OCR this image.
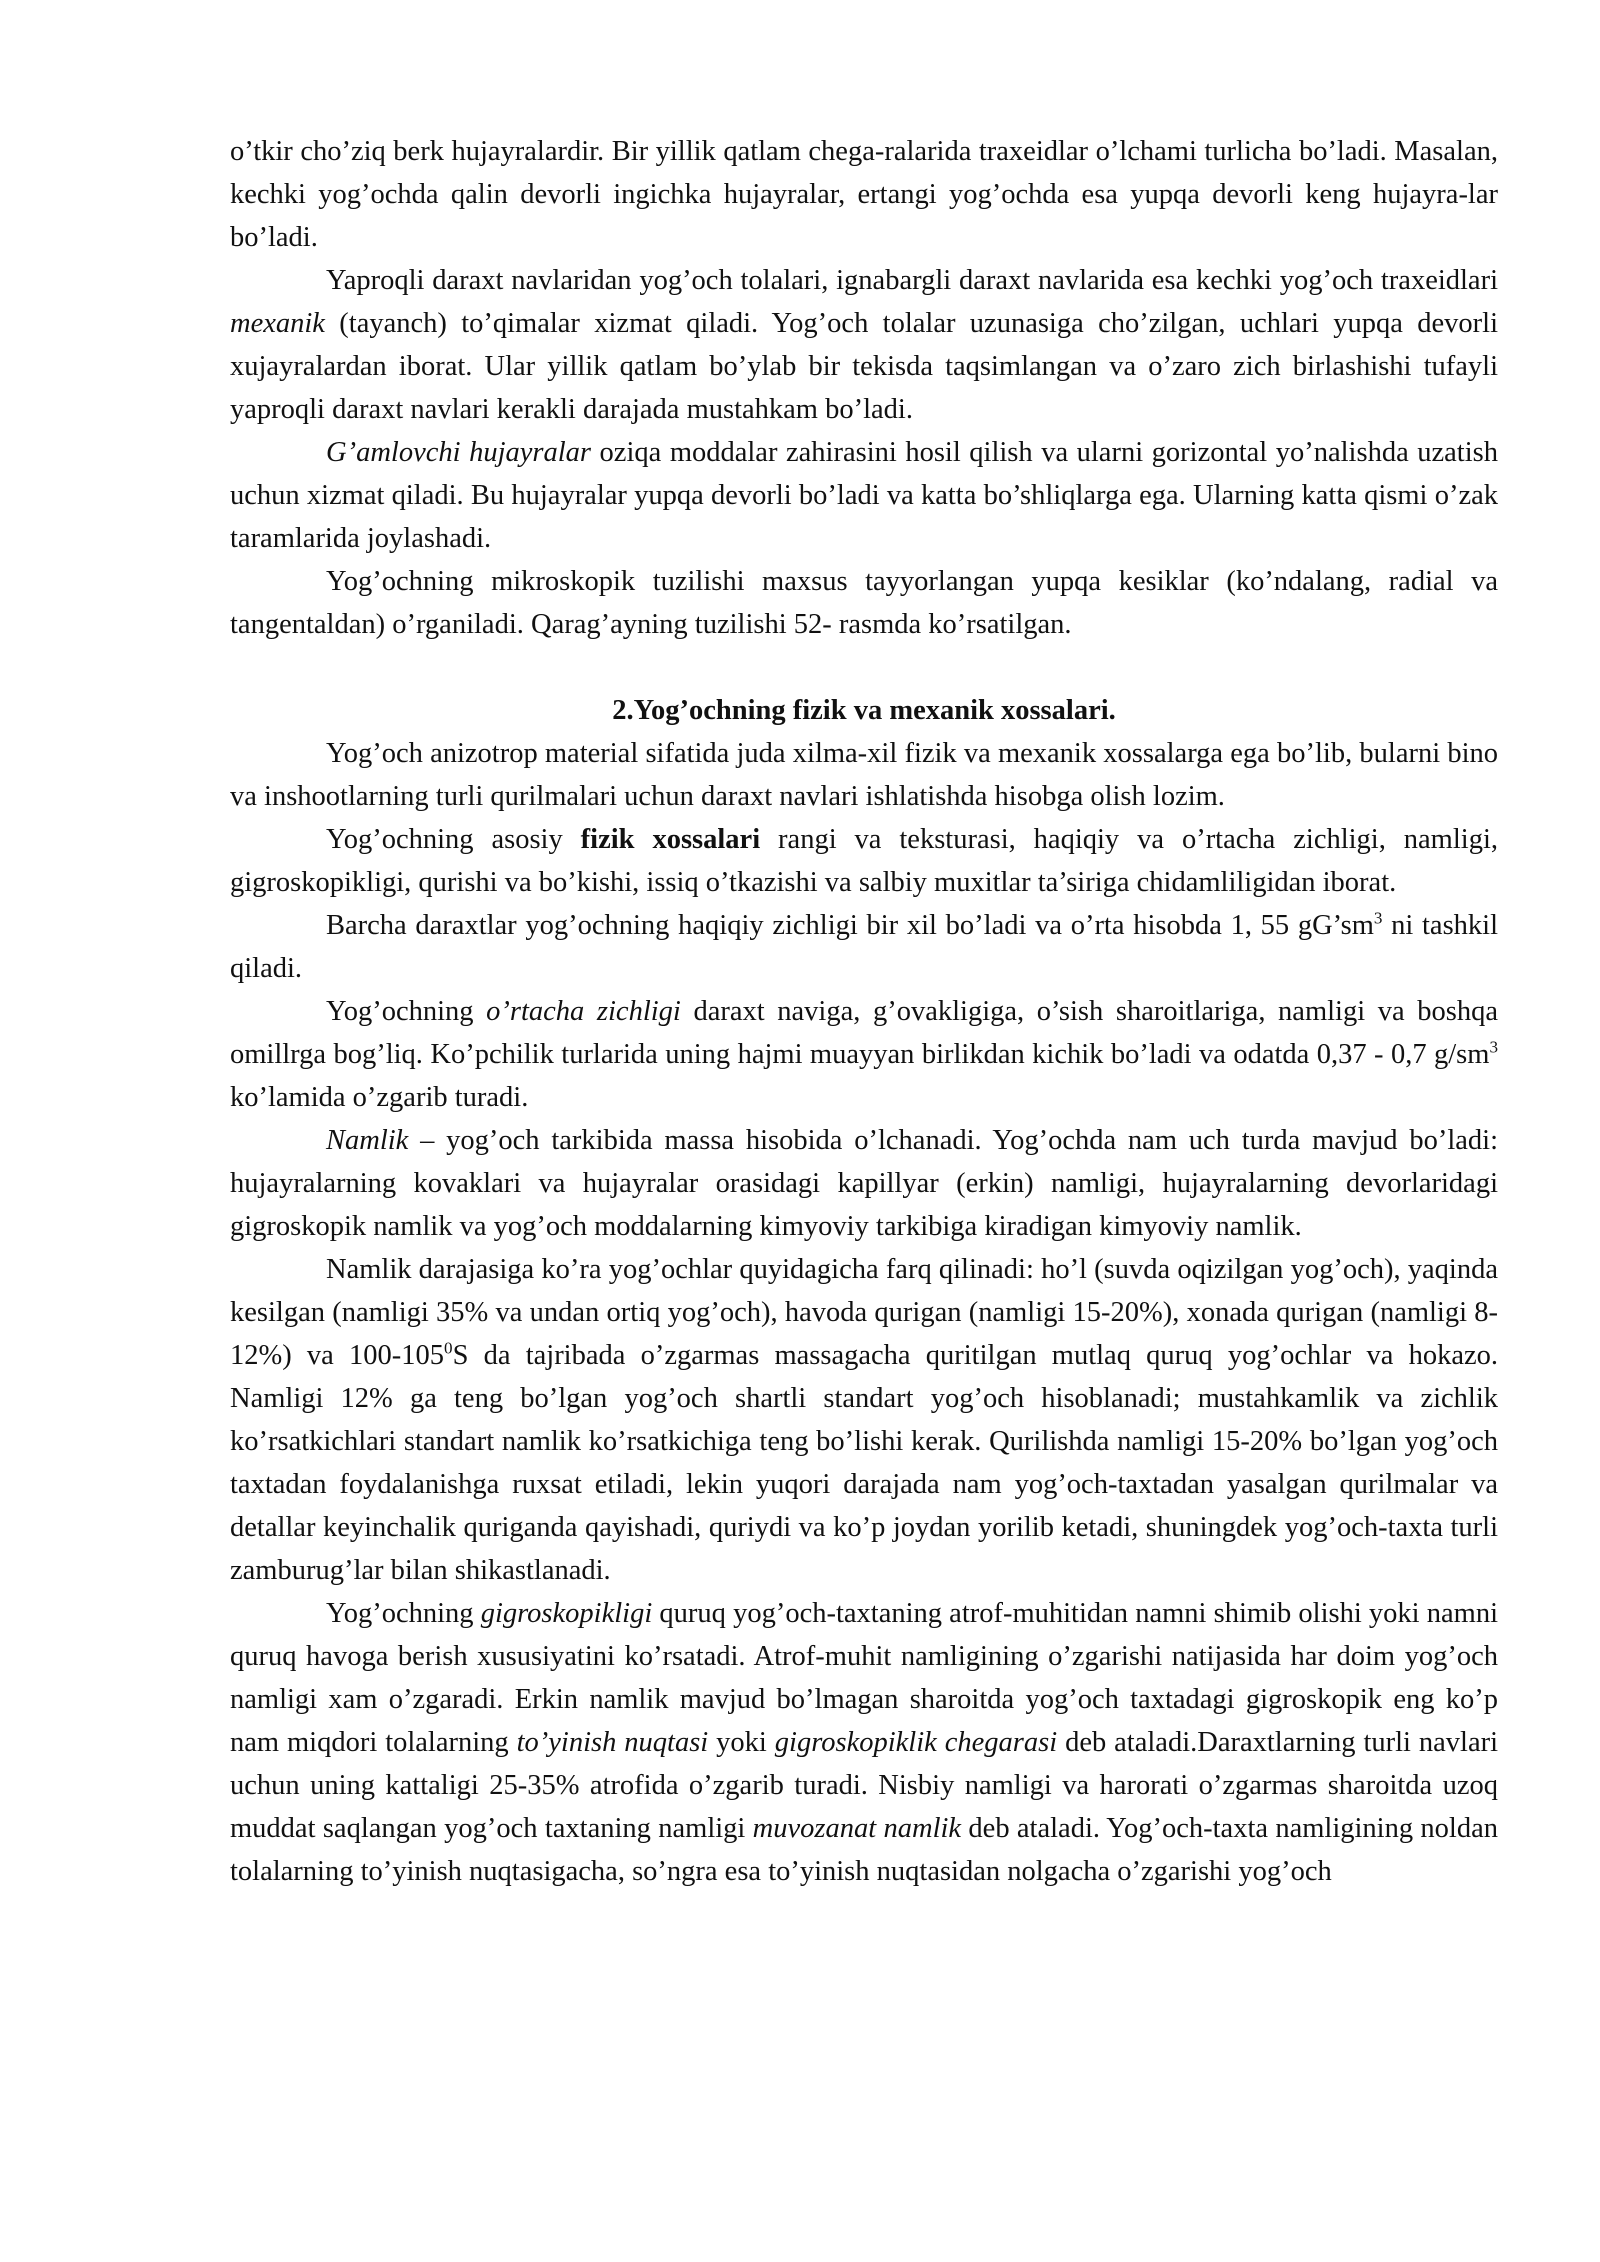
o’tkir cho’ziq berk hujayralardir. Bir yillik qatlam chega-ralarida traxeidlar o’lchami turlicha bo’ladi. Masalan, kechki yog’ochda qalin devorli ingichka hujayralar, ertangi yog’ochda esa yupqa devorli keng hujayra-lar bo’ladi.

Yaproqli daraxt navlaridan yog’och tolalari, ignabargli daraxt navlarida esa kechki yog’och traxeidlari mexanik (tayanch) to’qimalar xizmat qiladi. Yog’och tolalar uzunasiga cho’zilgan, uchlari yupqa devorli xujayralardan iborat. Ular yillik qatlam bo’ylab bir tekisda taqsimlangan va o’zaro zich birlashishi tufayli yaproqli daraxt navlari kerakli darajada mustahkam bo’ladi.

G’amlovchi hujayralar oziqa moddalar zahirasini hosil qilish va ularni gorizontal yo’nalishda uzatish uchun xizmat qiladi. Bu hujayralar yupqa devorli bo’ladi va katta bo’shliqlarga ega. Ularning katta qismi o’zak taramlarida joylashadi.

Yog’ochning mikroskopik tuzilishi maxsus tayyorlangan yupqa kesiklar (ko’ndalang, radial va tangentaldan) o’rganiladi. Qarag’ayning tuzilishi 52- rasmda ko’rsatilgan.

2.Yog’ochning fizik va mexanik xossalari.

Yog’och anizotrop material sifatida juda xilma-xil fizik va mexanik xossalarga ega bo’lib, bularni bino va inshootlarning turli qurilmalari uchun daraxt navlari ishlatishda hisobga olish lozim.

Yog’ochning asosiy fizik xossalari rangi va teksturasi, haqiqiy va o’rtacha zichligi, namligi, gigroskopikligi, qurishi va bo’kishi, issiq o’tkazishi va salbiy muxitlar ta’siriga chidamliligidan iborat.

Barcha daraxtlar yog’ochning haqiqiy zichligi bir xil bo’ladi va o’rta hisobda 1, 55 $gG’sm^3$ ni tashkil qiladi.

Yog’ochning o’rtacha zichligi daraxt naviga, g’ovakligiga, o’sish sharoitlariga, namligi va boshqa omillrga bog’liq. Ko’pchilik turlarida uning hajmi muayyan birlikdan kichik bo’ladi va odatda 0,37 - 0,7 $g/sm^3$ ko’lamida o’zgarib turadi.

Namlik – yog’och tarkibida massa hisobida o’lchanadi. Yog’ochda nam uch turda mavjud bo’ladi: hujayralarning kovaklari va hujayralar orasidagi kapillyar (erkin) namligi, hujayralarning devorlaridagi gigroskopik namlik va yog’och moddalarning kimyoviy tarkibiga kiradigan kimyoviy namlik.

Namlik darajasiga ko’ra yog’ochlar quyidagicha farq qilinadi: ho’l (suvda oqizilgan yog’och), yaqinda kesilgan (namligi 35% va undan ortiq yog’och), havoda qurigan (namligi 15-20%), xonada qurigan (namligi 8-12%) va $100-105^0S$ da tajribada o’zgarmas massagacha quritilgan mutlaq quruq yog’ochlar va hokazo. Namligi 12% ga teng bo’lgan yog’och shartli standart yog’och hisoblanadi; mustahkamlik va zichlik ko’rsatkichlari standart namlik ko’rsatkichiga teng bo’lishi kerak. Qurilishda namligi 15-20% bo’lgan yog’och taxtadan foydalanishga ruxsat etiladi, lekin yuqori darajada nam yog’och-taxtadan yasalgan qurilmalar va detallar keyinchalik quriganda qayishadi, quriydi va ko’p joydan yorilib ketadi, shuningdek yog’och-taxta turli zamburug’lar bilan shikastlanadi.

Yog’ochning gigroskopikligi quruq yog’och-taxtaning atrof-muhitidan namni shimib olishi yoki namni quruq havoga berish xususiyatini ko’rsatadi. Atrof-muhit namligining o’zgarishi natijasida har doim yog’och namligi xam o’zgaradi. Erkin namlik mavjud bo’lmagan sharoitda yog’och taxtadagi gigroskopik eng ko’p nam miqdori tolalarning to’yinish nuqtasi yoki gigroskopiklik chegarasi deb ataladi.Daraxtlarning turli navlari uchun uning kattaligi 25-35% atrofida o’zgarib turadi. Nisbiy namligi va harorati o’zgarmas sharoitda uzoq muddat saqlangan yog’och taxtaning namligi muvozanat namlik deb ataladi. Yog’och-taxta namligining noldan tolalarning to’yinish nuqtasigacha, so’ngra esa to’yinish nuqtasidan nolgacha o’zgarishi yog’och
